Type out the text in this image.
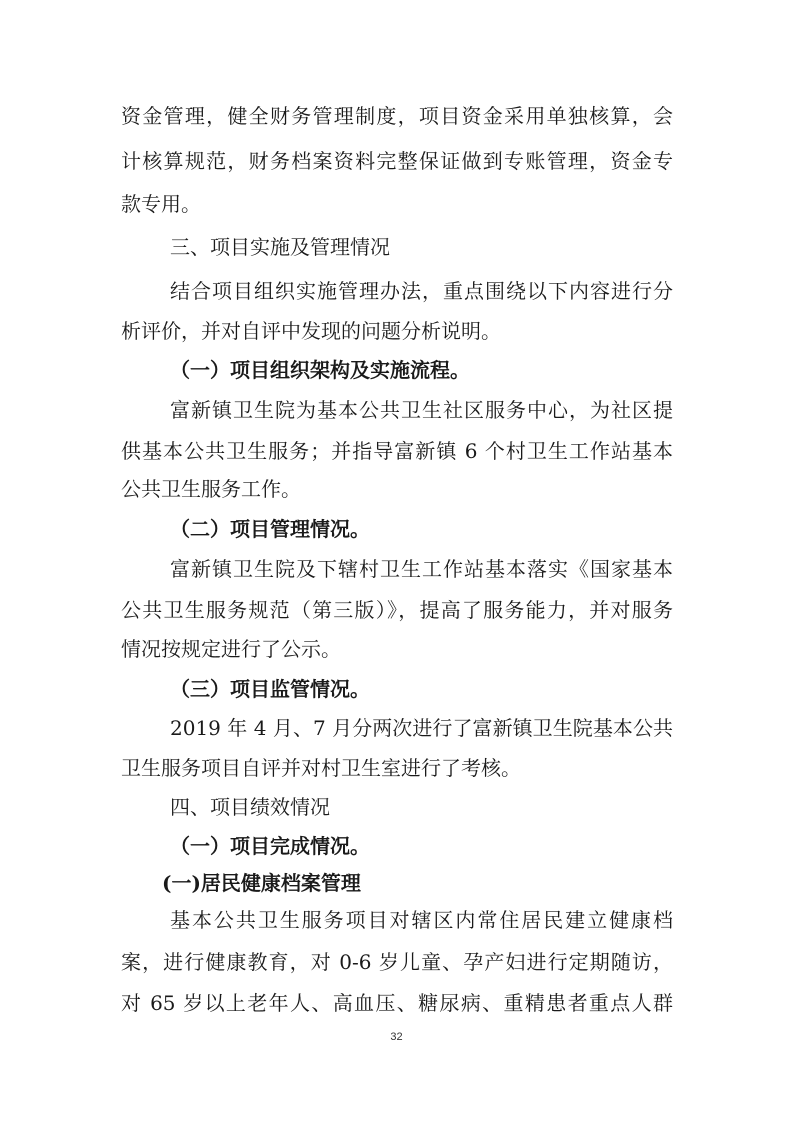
资金管理，健全财务管理制度，项目资金采用单独核算，会
计核算规范，财务档案资料完整保证做到专账管理，资金专
款专用。
三、项目实施及管理情况
结合项目组织实施管理办法，重点围绕以下内容进行分
析评价，并对自评中发现的问题分析说明。
（一）项目组织架构及实施流程。
富新镇卫生院为基本公共卫生社区服务中心，为社区提
供基本公共卫生服务；并指导富新镇 6 个村卫生工作站基本
公共卫生服务工作。
（二）项目管理情况。
富新镇卫生院及下辖村卫生工作站基本落实《国家基本
公共卫生服务规范（第三版）》，提高了服务能力，并对服务
情况按规定进行了公示。
（三）项目监管情况。
2019 年 4 月、7 月分两次进行了富新镇卫生院基本公共
卫生服务项目自评并对村卫生室进行了考核。
四、项目绩效情况
（一）项目完成情况。
(一)居民健康档案管理
基本公共卫生服务项目对辖区内常住居民建立健康档
案，进行健康教育，对 0-6 岁儿童、孕产妇进行定期随访，
对 65 岁以上老年人、高血压、糖尿病、重精患者重点人群
32
